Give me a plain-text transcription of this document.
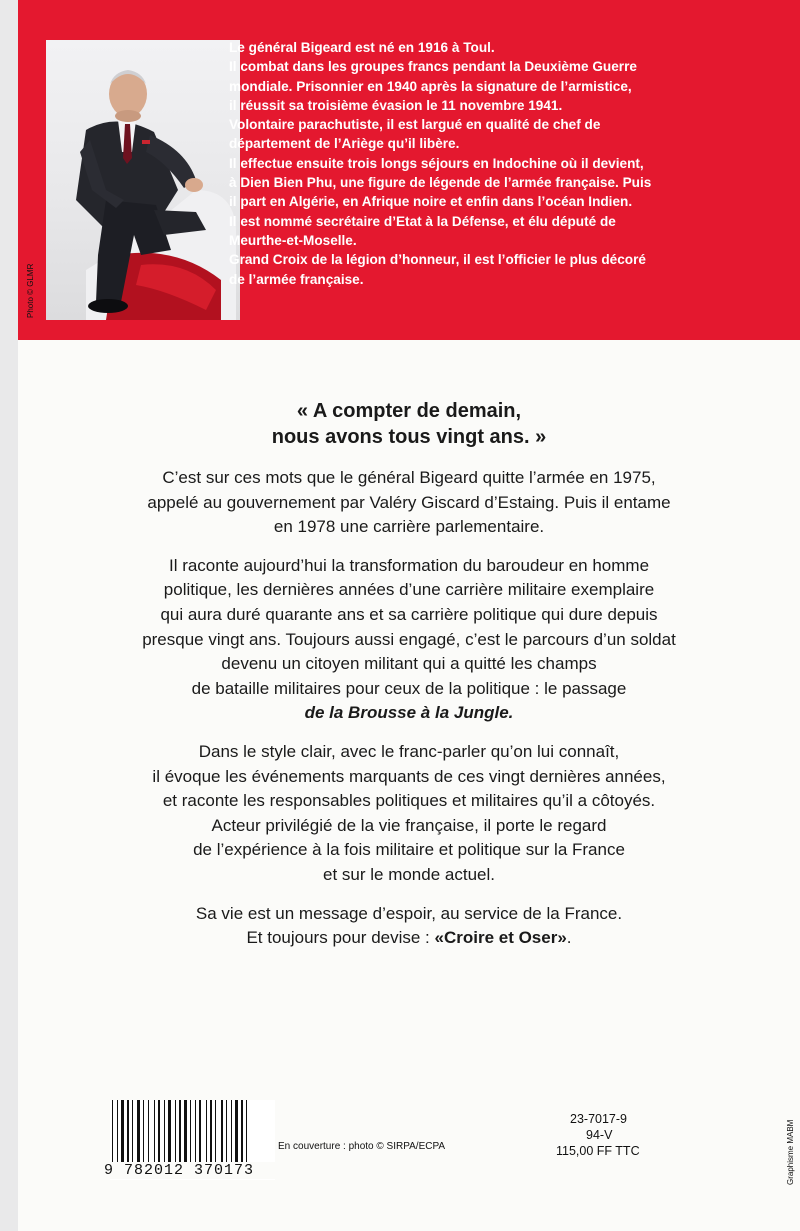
Photo © GLMR
Le général Bigeard est né en 1916 à Toul.
Il combat dans les groupes francs pendant la Deuxième Guerre
mondiale. Prisonnier en 1940 après la signature de l’armistice,
il réussit sa troisième évasion le 11 novembre 1941.
Volontaire parachutiste, il est largué en qualité de chef de
département de l’Ariège qu’il libère.
Il effectue ensuite trois longs séjours en Indochine où il devient,
à Dien Bien Phu, une figure de légende de l’armée française. Puis
il part en Algérie, en Afrique noire et enfin dans l’océan Indien.
Il est nommé secrétaire d’Etat à la Défense, et élu député de
Meurthe-et-Moselle.
Grand Croix de la légion d’honneur, il est l’officier le plus décoré
de l’armée française.

« A compter de demain,
nous avons tous vingt ans. »

C’est sur ces mots que le général Bigeard quitte l’armée en 1975,
appelé au gouvernement par Valéry Giscard d’Estaing. Puis il entame
en 1978 une carrière parlementaire.

Il raconte aujourd’hui la transformation du baroudeur en homme
politique, les dernières années d’une carrière militaire exemplaire
qui aura duré quarante ans et sa carrière politique qui dure depuis
presque vingt ans. Toujours aussi engagé, c’est le parcours d’un soldat
devenu un citoyen militant qui a quitté les champs
de bataille militaires pour ceux de la politique : le passage
de la Brousse à la Jungle.

Dans le style clair, avec le franc-parler qu’on lui connaît,
il évoque les événements marquants de ces vingt dernières années,
et raconte les responsables politiques et militaires qu’il a côtoyés.
Acteur privilégié de la vie française, il porte le regard
de l’expérience à la fois militaire et politique sur la France
et sur le monde actuel.

Sa vie est un message d’espoir, au service de la France.
Et toujours pour devise : «Croire et Oser».

9 782012 370173
En couverture : photo © SIRPA/ECPA
23-7017-9
94-V
115,00 FF TTC	Graphisme MABM
